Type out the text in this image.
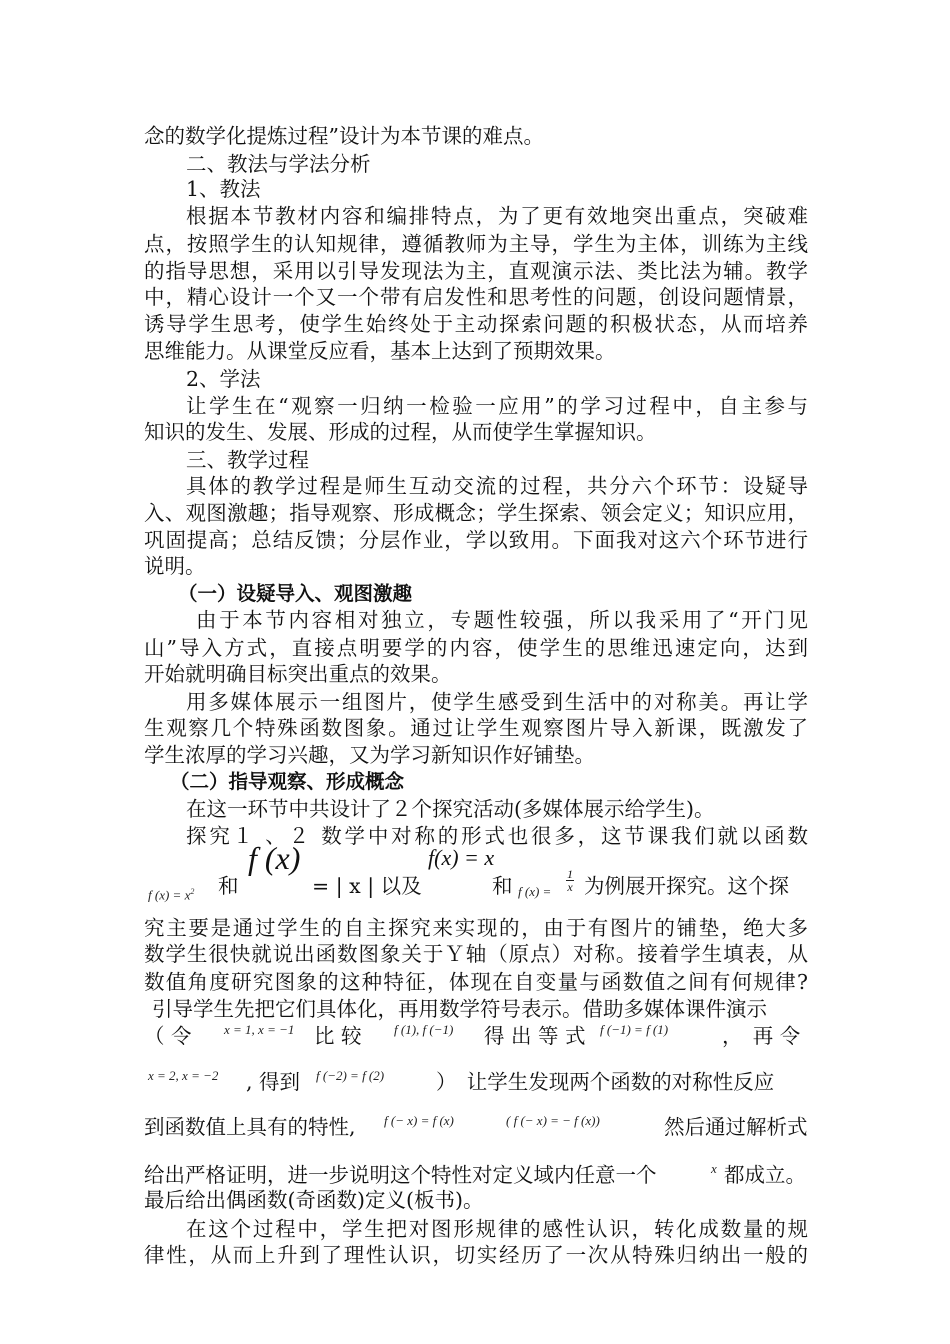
念的数学化提炼过程”设计为本节课的难点。

二、教法与学法分析

1、教法

根据本节教材内容和编排特点，为了更有效地突出重点，突破难

点，按照学生的认知规律，遵循教师为主导，学生为主体，训练为主线

的指导思想，采用以引导发现法为主，直观演示法、类比法为辅。教学

中，精心设计一个又一个带有启发性和思考性的问题，创设问题情景，

诱导学生思考，使学生始终处于主动探索问题的积极状态，从而培养

思维能力。从课堂反应看，基本上达到了预期效果。

2、学法

让学生在“观察一归纳一检验一应用”的学习过程中，自主参与

知识的发生、发展、形成的过程，从而使学生掌握知识。

三、教学过程

具体的教学过程是师生互动交流的过程，共分六个环节：设疑导

入、观图激趣；指导观察、形成概念；学生探索、领会定义；知识应用，

巩固提高；总结反馈；分层作业，学以致用。下面我对这六个环节进行

说明。

（一）设疑导入、观图激趣

由于本节内容相对独立，专题性较强，所以我采用了“开门见

山”导入方式，直接点明要学的内容，使学生的思维迅速定向，达到

开始就明确目标突出重点的效果。

用多媒体展示一组图片，使学生感受到生活中的对称美。再让学

生观察几个特殊函数图象。通过让学生观察图片导入新课，既激发了

学生浓厚的学习兴趣，又为学习新知识作好铺垫。

（二）指导观察、形成概念

在这一环节中共设计了２个探究活动(多媒体展示给学生)。

探究１ 、２ 数学中对称的形式也很多，这节课我们就以函数

f $(x) = x^2$ 和
f (x)
= | x | 以及
f(x) = x
和 f $(x) = \frac{1}{x}$ 为例展开探究。这个探

究主要是通过学生的自主探究来实现的，由于有图片的铺垫，绝大多

数学生很快就说出函数图象关于Ｙ轴（原点）对称。接着学生填表，从

数值角度研究图象的这种特征，体现在自变量与函数值之间有何规律?

引导学生先把它们具体化，再用数学符号表示。借助多媒体课件演示

（ 令 x = 1, x = −1 比 较 f (1), f (−1) 得 出 等 式 f (−1) = f (1)	，　再 令
x = 2, x = −2 , 得到 f (−2) = f (2)	）　让学生发现两个函数的对称性反应
到函数值上具有的特性, f (− x) = f (x)	( f (− x) = − f (x))	然后通过解析式
给出严格证明，进一步说明这个特性对定义域内任意一个	x 都成立。

最后给出偶函数(奇函数)定义(板书)。

在这个过程中，学生把对图形规律的感性认识，转化成数量的规

律性，从而上升到了理性认识，切实经历了一次从特殊归纳出一般的
